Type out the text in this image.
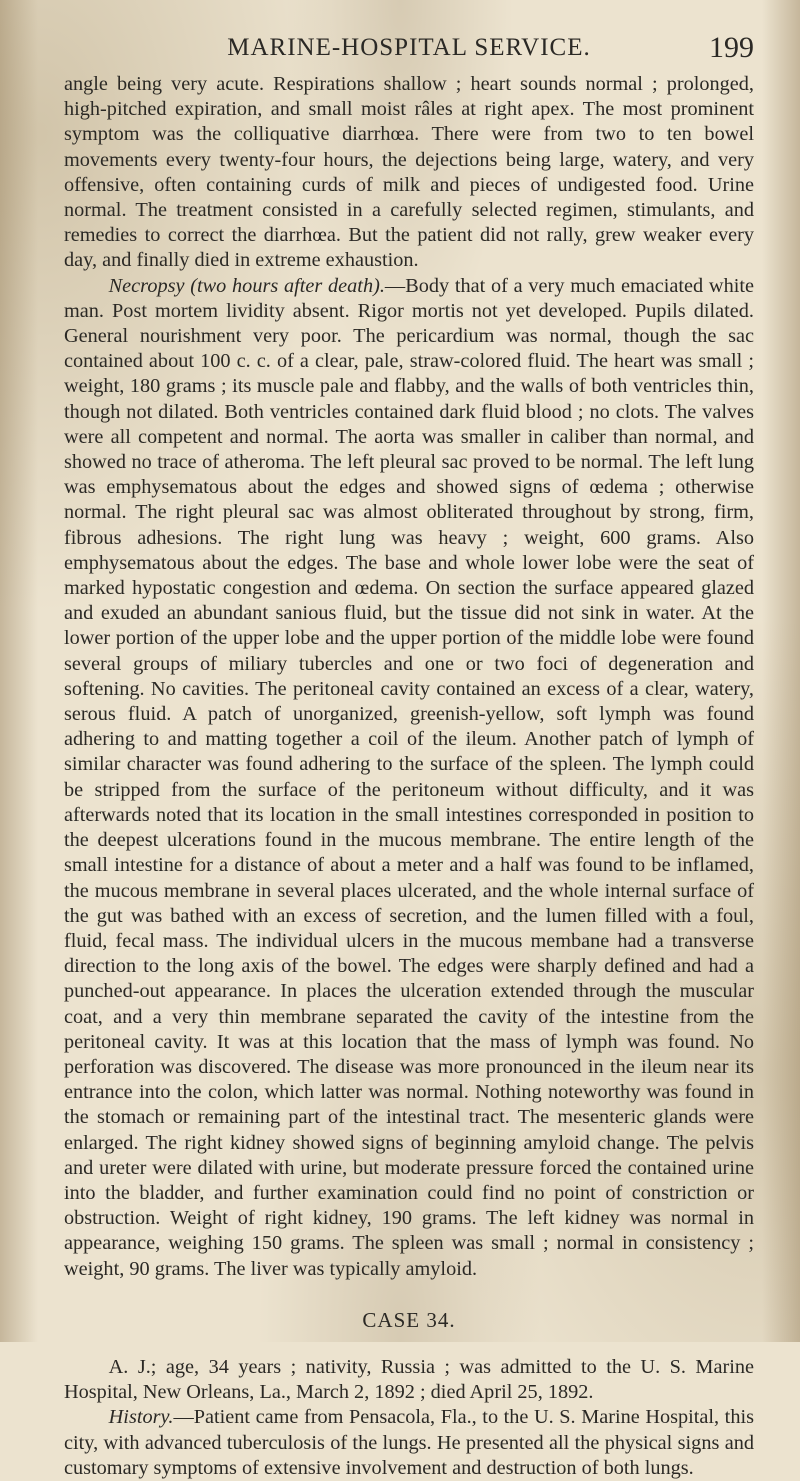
MARINE-HOSPITAL SERVICE.	199

angle being very acute. Respirations shallow ; heart sounds normal ; prolonged, high-pitched expiration, and small moist râles at right apex. The most prominent symptom was the colliquative diarrhœa. There were from two to ten bowel movements every twenty-four hours, the dejections being large, watery, and very offensive, often containing curds of milk and pieces of undigested food. Urine normal. The treatment consisted in a carefully selected regimen, stimulants, and remedies to correct the diarrhœa. But the patient did not rally, grew weaker every day, and finally died in extreme exhaustion.

Necropsy (two hours after death).—Body that of a very much emaciated white man. Post mortem lividity absent. Rigor mortis not yet developed. Pupils dilated. General nourishment very poor. The pericardium was normal, though the sac contained about 100 c. c. of a clear, pale, straw-colored fluid. The heart was small ; weight, 180 grams ; its muscle pale and flabby, and the walls of both ventricles thin, though not dilated. Both ventricles contained dark fluid blood ; no clots. The valves were all competent and normal. The aorta was smaller in caliber than normal, and showed no trace of atheroma. The left pleural sac proved to be normal. The left lung was emphysematous about the edges and showed signs of œdema ; otherwise normal. The right pleural sac was almost obliterated throughout by strong, firm, fibrous adhesions. The right lung was heavy ; weight, 600 grams. Also emphysematous about the edges. The base and whole lower lobe were the seat of marked hypostatic congestion and œdema. On section the surface appeared glazed and exuded an abundant sanious fluid, but the tissue did not sink in water. At the lower portion of the upper lobe and the upper portion of the middle lobe were found several groups of miliary tubercles and one or two foci of degeneration and softening. No cavities. The peritoneal cavity contained an excess of a clear, watery, serous fluid. A patch of unorganized, greenish-yellow, soft lymph was found adhering to and matting together a coil of the ileum. Another patch of lymph of similar character was found adhering to the surface of the spleen. The lymph could be stripped from the surface of the peritoneum without difficulty, and it was afterwards noted that its location in the small intestines corresponded in position to the deepest ulcerations found in the mucous membrane. The entire length of the small intestine for a distance of about a meter and a half was found to be inflamed, the mucous membrane in several places ulcerated, and the whole internal surface of the gut was bathed with an excess of secretion, and the lumen filled with a foul, fluid, fecal mass. The individual ulcers in the mucous membane had a transverse direction to the long axis of the bowel. The edges were sharply defined and had a punched-out appearance. In places the ulceration extended through the muscular coat, and a very thin membrane separated the cavity of the intestine from the peritoneal cavity. It was at this location that the mass of lymph was found. No perforation was discovered. The disease was more pronounced in the ileum near its entrance into the colon, which latter was normal. Nothing noteworthy was found in the stomach or remaining part of the intestinal tract. The mesenteric glands were enlarged. The right kidney showed signs of beginning amyloid change. The pelvis and ureter were dilated with urine, but moderate pressure forced the contained urine into the bladder, and further examination could find no point of constriction or obstruction. Weight of right kidney, 190 grams. The left kidney was normal in appearance, weighing 150 grams. The spleen was small ; normal in consistency ; weight, 90 grams. The liver was typically amyloid.

CASE 34.

A. J.; age, 34 years ; nativity, Russia ; was admitted to the U. S. Marine Hospital, New Orleans, La., March 2, 1892 ; died April 25, 1892.

History.—Patient came from Pensacola, Fla., to the U. S. Marine Hospital, this city, with advanced tuberculosis of the lungs. He presented all the physical signs and customary symptoms of extensive involvement and destruction of both lungs.
